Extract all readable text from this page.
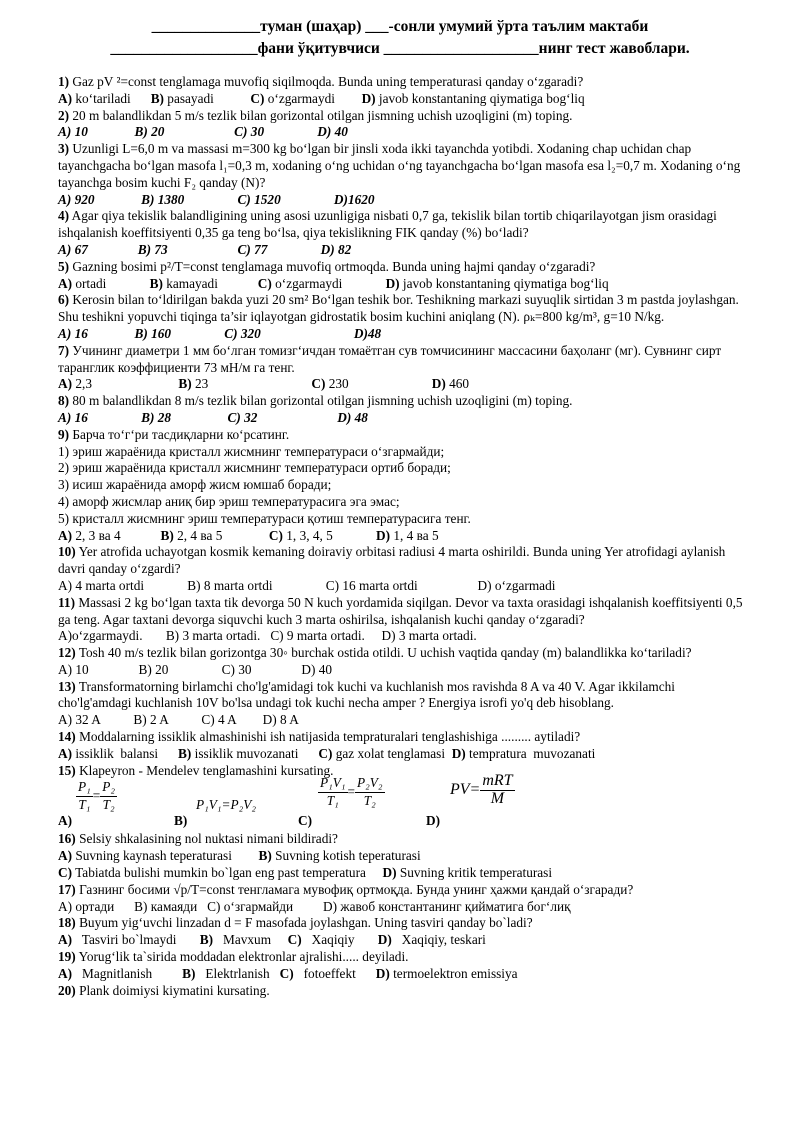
______________туман (шаҳар) ___-сонли умумий ўрта таълим мактаби
___________________фани ўқитувчиси ____________________нинг тест жавоблари.

1) Gaz pV ²=const tenglamaga muvofiq siqilmoqda. Bunda uning temperaturasi qanday o‘zgaradi?

A) ko‘tariladi      B) pasayadi           C) o‘zgarmaydi        D) javob konstantaning qiymatiga bog‘liq

2) 20 m balandlikdan 5 m/s tezlik bilan gorizontal otilgan jismning uchish uzoqligini (m) toping.

A) 10              B) 20                     C) 30                D) 40

3) Uzunligi L=6,0 m va massasi m=300 kg bo‘lgan bir jinsli xoda ikki tayanchda yotibdi. Xodaning chap uchidan chap tayanchgacha bo‘lgan masofa l₁=0,3 m, xodaning o‘ng uchidan o‘ng tayanchgacha bo‘lgan masofa esa l₂=0,7 m. Xodaning o‘ng tayanchga bosim kuchi F₂ qanday (N)?

A) 920              B) 1380                C) 1520                D)1620

4) Agar qiya tekislik balandligining uning asosi uzunligiga nisbati 0,7 ga, tekislik bilan tortib chiqarilayotgan jism orasidagi ishqalanish koeffitsiyenti 0,35 ga teng bo‘lsa, qiya tekislikning FIK qanday (%) bo‘ladi?

A) 67               B) 73                     C) 77                D) 82

5) Gazning bosimi p²/T=const tenglamaga muvofiq ortmoqda. Bunda uning hajmi qanday o‘zgaradi?

A) ortadi             B) kamayadi            C) o‘zgarmaydi             D) javob konstantaning qiymatiga bog‘liq

6) Kerosin bilan to‘ldirilgan bakda yuzi 20 sm² Bo‘lgan teshik bor. Teshikning markazi suyuqlik sirtidan 3 m pastda joylashgan. Shu teshikni yopuvchi tiqinga ta’sir iqlayotgan gidrostatik bosim kuchini aniqlang (N). ρₖ=800 kg/m³, g=10 N/kg.

A) 16              B) 160                C) 320                            D)48

7) Учининг диаметри 1 мм боʻлган томизгʻичдан томаётган сув томчисининг массасини баҳоланг (мг). Сувнинг сирт таранглик коэффициенти 73 мН/м га тенг.

A) 2,3                          B) 23                               C) 230                         D) 460

8) 80 m balandlikdan 8 m/s tezlik bilan gorizontal otilgan jismning uchish uzoqligini (m) toping.

A) 16                B) 28                 C) 32                        D) 48

9) Барча тоʻгʻри тасдиқларни коʻрсатинг.

1) эриш жараёнида кристалл жисмнинг температураси оʻзгармайди;

2) эриш жараёнида кристалл жисмнинг температураси ортиб боради;

3) исиш жараёнида аморф жисм юмшаб боради;

4) аморф жисмлар аниқ бир эриш температурасига эга эмас;

5) кристалл жисмнинг эриш температураси қотиш температурасига тенг.

A) 2, 3 ва 4            B) 2, 4 ва 5              C) 1, 3, 4, 5             D) 1, 4 ва 5

10) Yer atrofida uchayotgan kosmik kemaning doiraviy orbitasi radiusi 4 marta oshirildi. Bunda uning Yer atrofidagi aylanish davri qanday o‘zgardi?

A) 4 marta ortdi             B) 8 marta ortdi                C) 16 marta ortdi                  D) o‘zgarmadi

11) Massasi 2 kg bo‘lgan taxta tik devorga 50 N kuch yordamida siqilgan. Devor va taxta orasidagi ishqalanish koeffitsiyenti 0,5 ga teng. Agar taxtani devorga siquvchi kuch 3 marta oshirilsa, ishqalanish kuchi qanday o‘zgaradi?

A)o‘zgarmaydi.       B) 3 marta ortadi.   C) 9 marta ortadi.     D) 3 marta ortadi.

12) Tosh 40 m/s tezlik bilan gorizontga 30◦ burchak ostida otildi. U uchish vaqtida qanday (m) balandlikka ko‘tariladi?

A) 10               B) 20                C) 30               D) 40

13) Transformatorning birlamchi cho'lg'amidagi tok kuchi va kuchlanish mos ravishda 8 A va 40 V. Agar ikkilamchi cho'lg'amdagi kuchlanish 10V bo'lsa undagi tok kuchi necha amper ? Energiya isrofi yo'q deb hisoblang.

A) 32 A          B) 2 A          C) 4 A        D) 8 A

14) Moddalarning issiklik almashinishi ish natijasida tempraturalari tenglashishiga ......... aytiladi?

A) issiklik  balansi      B) issiklik muvozanati      C) gaz xolat tenglamasi  D) tempratura  muvozanati

15) Klapeyron - Mendelev tenglamashini kursating.

A)
$\frac{\text{P₁}}{\text{T₁}} = \frac{\text{P₂}}{\text{T₂}}$
B)
P₁V₁=P₂V₂
C)
$\frac{\text{P₁V₁}}{\text{T₁}} = \frac{\text{P₂V₂}}{\text{T₂}}$
D)
$PV= \frac{\text{mRT}}{M}$

16) Selsiy shkalasining nol nuktasi nimani bildiradi?

A) Suvning kaynash teperaturasi        B) Suvning kotish teperaturasi

C) Tabiatda bulishi mumkin bo`lgan eng past temperatura     D) Suvning kritik temperaturasi

17) Газнинг босими √p/T=const тенгламага мувофиқ ортмоқда. Бунда унинг ҳажми қандай оʻзгаради?

A) ортади      B) камаяди   C) оʻзгармайди         D) жавоб константанинг қийматига богʻлиқ

18) Buyum yig‘uvchi linzadan d = F masofada joylashgan. Uning tasviri qanday bo`ladi?

A)   Tasviri bo`lmaydi       B)   Mavxum     C)   Xaqiqiy       D)   Xaqiqiy, teskari

19) Yorug‘lik ta`sirida moddadan elektronlar ajralishi..... deyiladi.

A)   Magnitlanish         B)   Elektrlanish   C)   fotoeffekt      D) termoelektron emissiya

20) Plank doimiysi kiymatini kursating.
